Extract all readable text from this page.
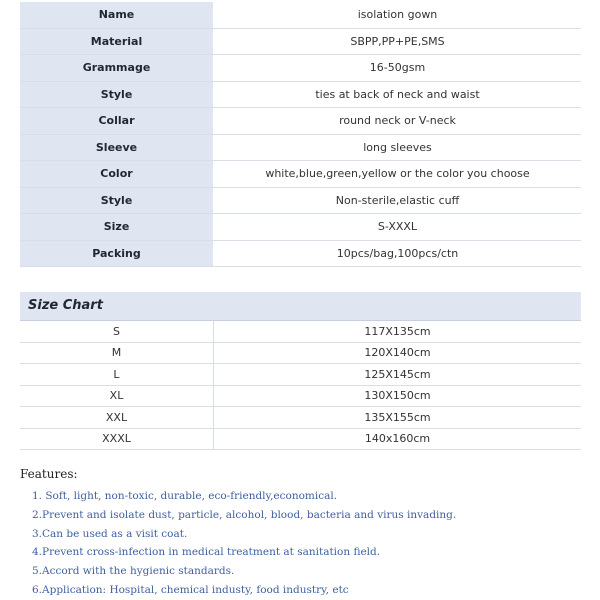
Name	isolation gown
Material	SBPP,PP+PE,SMS
Grammage	16-50gsm
Style	ties at back of neck and waist
Collar	round neck or V-neck
Sleeve	long sleeves
Color	white,blue,green,yellow or the color you choose
Style	Non-sterile,elastic cuff
Size	S-XXXL
Packing	10pcs/bag,100pcs/ctn
Size Chart
S	117X135cm
M	120X140cm
L	125X145cm
XL	130X150cm
XXL	135X155cm
XXXL	140x160cm
Features:
1. Soft, light, non-toxic, durable, eco-friendly,economical.
2.Prevent and isolate dust, particle, alcohol, blood, bacteria and virus invading.
3.Can be used as a visit coat.
4.Prevent cross-infection in medical treatment at sanitation field.
5.Accord with the hygienic standards.
6.Application: Hospital, chemical industy, food industry, etc
